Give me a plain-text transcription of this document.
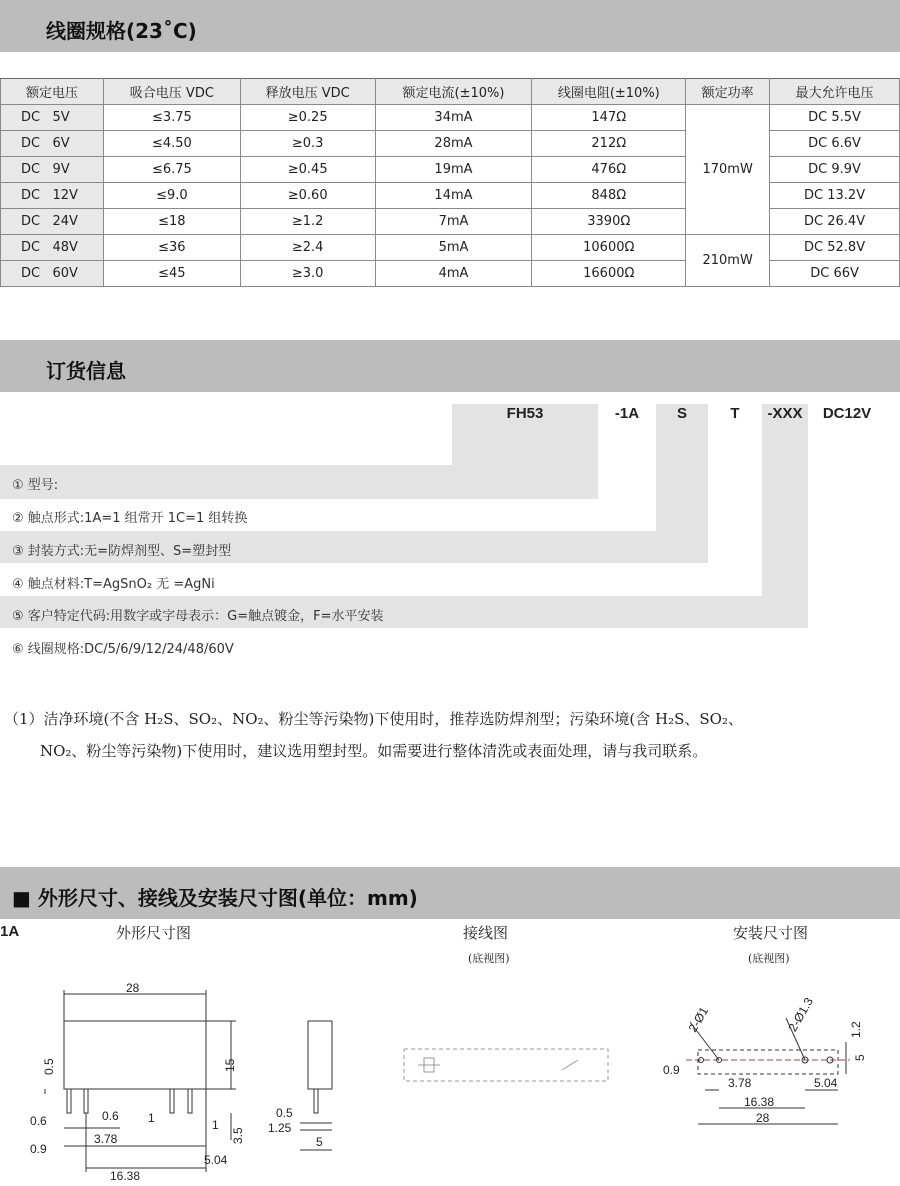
线圈规格(23˚C)
额定电压	吸合电压 VDC	释放电压 VDC	额定电流(±10%)	线圈电阻(±10%)	额定功率	最大允许电压
DC   5V	≤3.75	≥0.25	34mA	147Ω	170mW	DC 5.5V
DC   6V	≤4.50	≥0.3	28mA	212Ω		DC 6.6V
DC   9V	≤6.75	≥0.45	19mA	476Ω		DC 9.9V
DC   12V	≤9.0	≥0.60	14mA	848Ω		DC 13.2V
DC   24V	≤18	≥1.2	7mA	3390Ω		DC 26.4V
DC   48V	≤36	≥2.4	5mA	10600Ω	210mW	DC 52.8V
DC   60V	≤45	≥3.0	4mA	16600Ω		DC 66V
订货信息
FH53	-1A	S	T	-XXX	DC12V
① 型号:
② 触点形式:1A=1 组常开 1C=1 组转换
③ 封装方式:无=防焊剂型、S=塑封型
④ 触点材料:T=AgSnO₂ 无 =AgNi
⑤ 客户特定代码:用数字或字母表示：G=触点镀金，F=水平安装
⑥ 线圈规格:DC/5/6/9/12/24/48/60V
（1）洁净环境(不含 H₂S、SO₂、NO₂、粉尘等污染物)下使用时，推荐选防焊剂型；污染环境(含 H₂S、SO₂、
NO₂、粉尘等污染物)下使用时，建议选用塑封型。如需要进行整体清洗或表面处理，请与我司联系。
■ 外形尺寸、接线及安装尺寸图(单位：mm)
1A	外形尺寸图	接线图
(底视图)
安装尺寸图
(底视图)
28
15
0.5
0.6	0.6 1	1
3.5
0.9
3.78
5.04
16.38
0.5
1.25
5
2-Ø1	2-Ø1.3	1.2
5
0.9
3.78	5.04
16.38
28
